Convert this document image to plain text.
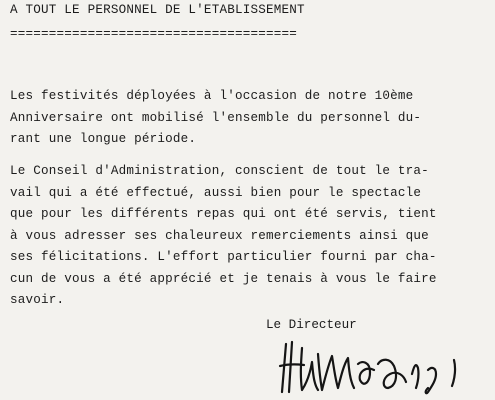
A TOUT LE PERSONNEL DE L'ETABLISSEMENT

=====================================

Les festivités déployées à l'occasion de notre 10ème
Anniversaire ont mobilisé l'ensemble du personnel du-
rant une longue période.

Le Conseil d'Administration, conscient de tout le tra-
vail qui a été effectué, aussi bien pour le spectacle
que pour les différents repas qui ont été servis, tient
à vous adresser ses chaleureux remerciements ainsi que
ses félicitations. L'effort particulier fourni par cha-
cun de vous a été apprécié et je tenais à vous le faire
savoir.

Le Directeur
